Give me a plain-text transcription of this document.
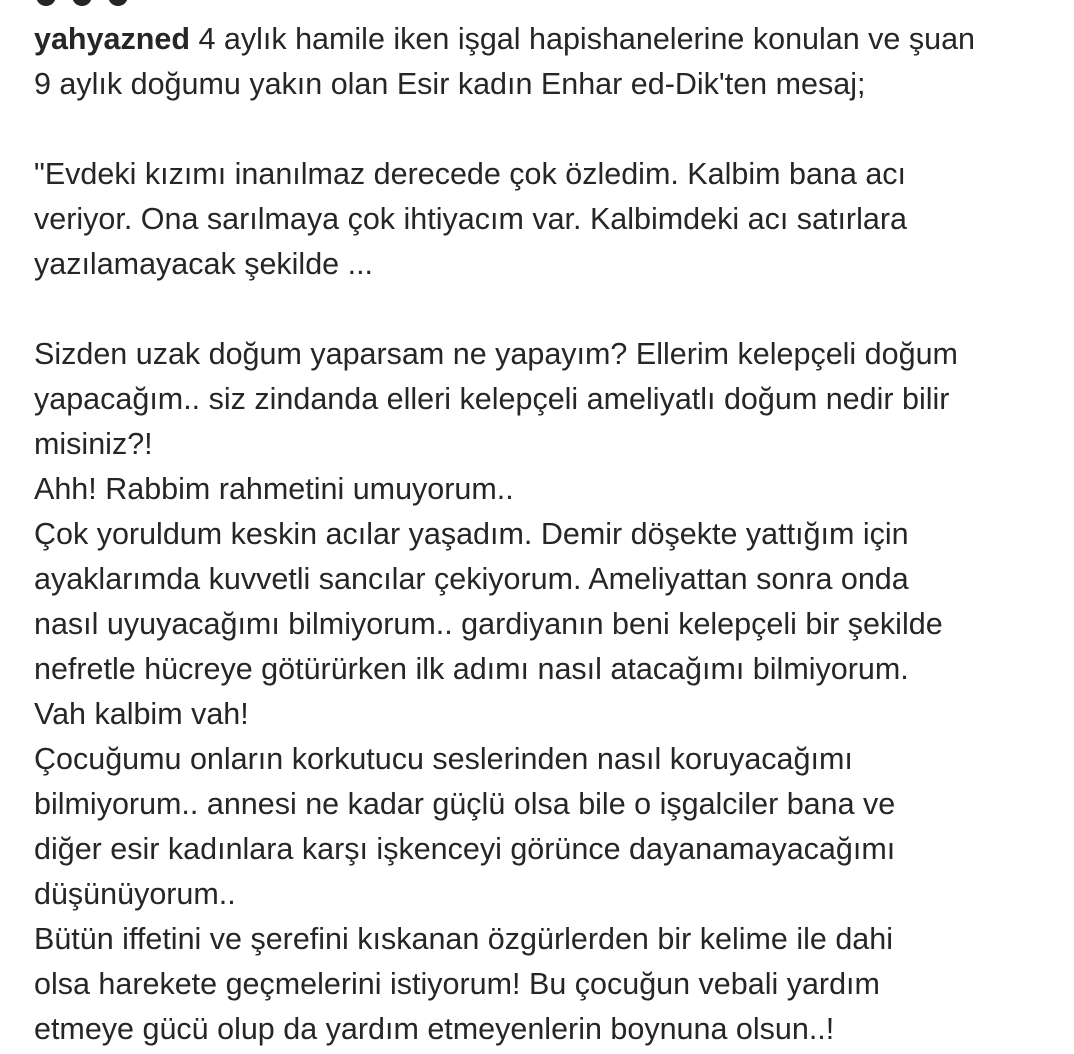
yahyazned 4 aylık hamile iken işgal hapishanelerine konulan ve şuan
9 aylık doğumu yakın olan Esir kadın Enhar ed-Dik'ten mesaj;
"Evdeki kızımı inanılmaz derecede çok özledim. Kalbim bana acı
veriyor. Ona sarılmaya çok ihtiyacım var. Kalbimdeki acı satırlara
yazılamayacak şekilde ...
Sizden uzak doğum yaparsam ne yapayım? Ellerim kelepçeli doğum
yapacağım.. siz zindanda elleri kelepçeli ameliyatlı doğum nedir bilir
misiniz?!
Ahh! Rabbim rahmetini umuyorum..
Çok yoruldum keskin acılar yaşadım. Demir döşekte yattığım için
ayaklarımda kuvvetli sancılar çekiyorum. Ameliyattan sonra onda
nasıl uyuyacağımı bilmiyorum.. gardiyanın beni kelepçeli bir şekilde
nefretle hücreye götürürken ilk adımı nasıl atacağımı bilmiyorum.
Vah kalbim vah!
Çocuğumu onların korkutucu seslerinden nasıl koruyacağımı
bilmiyorum.. annesi ne kadar güçlü olsa bile o işgalciler bana ve
diğer esir kadınlara karşı işkenceyi görünce dayanamayacağımı
düşünüyorum..
Bütün iffetini ve şerefini kıskanan özgürlerden bir kelime ile dahi
olsa harekete geçmelerini istiyorum! Bu çocuğun vebali yardım
etmeye gücü olup da yardım etmeyenlerin boynuna olsun..!
